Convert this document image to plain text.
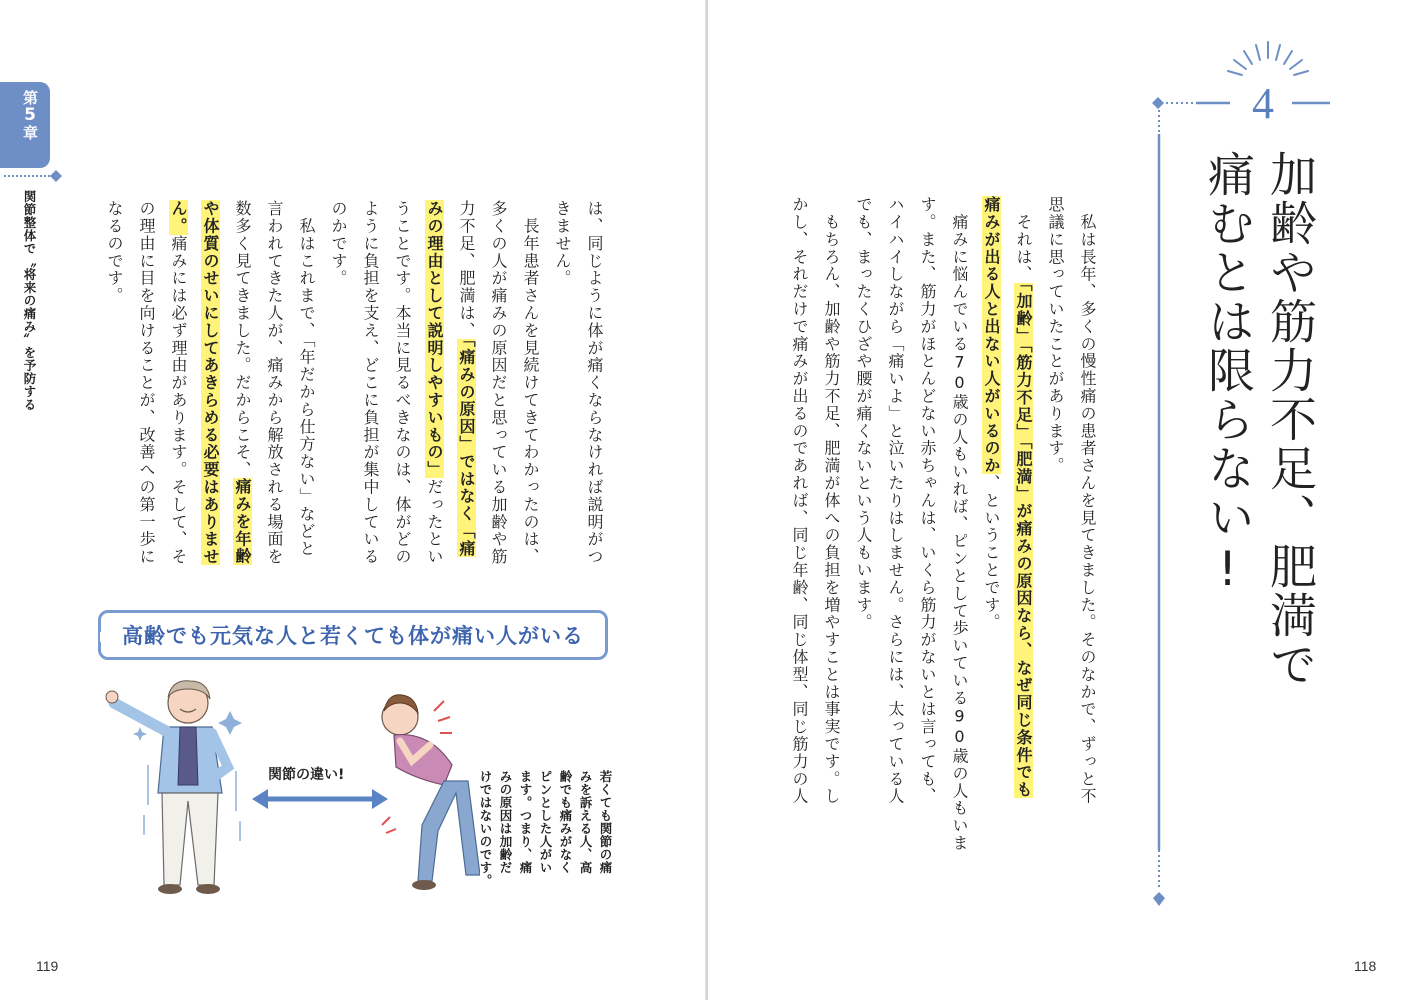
第5章
関節整体で〝将来の痛み〟を予防する	は、同じように体が痛くならなければ説明がつ
きません。
　長年患者さんを見続けてきてわかったのは、
多くの人が痛みの原因だと思っている加齢や筋
力不足、肥満は、「痛みの原因」ではなく「痛
みの理由として説明しやすいもの」だったとい
うことです。本当に見るべきなのは、体がどの
ように負担を支え、どこに負担が集中している
のかです。
　私はこれまで、「年だから仕方ない」などと
言われてきた人が、痛みから解放される場面を
数多く見てきました。だからこそ、痛みを年齢
や体質のせいにしてあきらめる必要はありませ
ん。痛みには必ず理由があります。そして、そ
の理由に目を向けることが、改善への第一歩に
なるのです。
高齢でも元気な人と若くても体が痛い人がいる
関節の違い!	若くても関節の痛
みを訴える人、高
齢でも痛みがなく
ピンとした人がい
ます。つまり、痛
みの原因は加齢だ
けではないのです。
119
4
加齢や筋力不足、肥満で
痛むとは限らない!
　私は長年、多くの慢性痛の患者さんを見てきました。そのなかで、ずっと不
思議に思っていたことがあります。
　それは、「加齢」「筋力不足」「肥満」が痛みの原因なら、なぜ同じ条件でも
痛みが出る人と出ない人がいるのか、ということです。
　痛みに悩んでいる70歳の人もいれば、ピンとして歩いている90歳の人もいま
す。また、筋力がほとんどない赤ちゃんは、いくら筋力がないとは言っても、
ハイハイしながら「痛いよ」と泣いたりはしません。さらには、太っている人
でも、まったくひざや腰が痛くないという人もいます。
　もちろん、加齢や筋力不足、肥満が体への負担を増やすことは事実です。し
かし、それだけで痛みが出るのであれば、同じ年齢、同じ体型、同じ筋力の人
118
